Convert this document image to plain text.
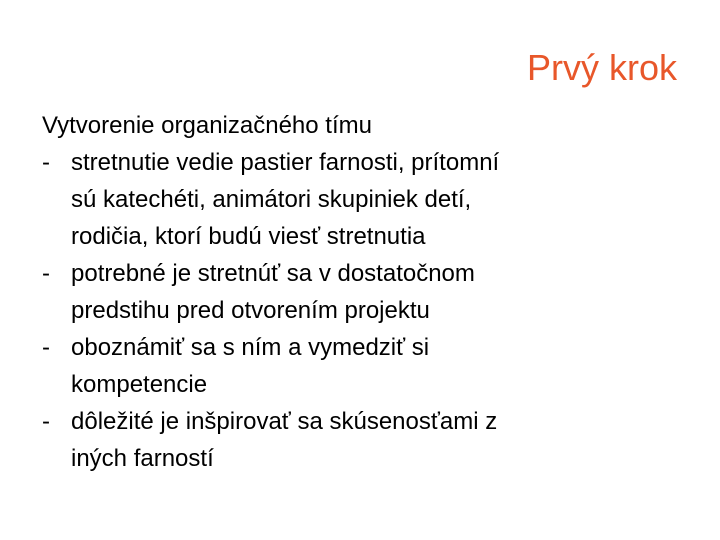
Prvý krok

Vytvorenie organizačného tímu

- stretnutie vedie pastier farnosti, prítomní
sú katechéti, animátori skupiniek detí,
rodičia, ktorí budú viesť stretnutia
- potrebné je stretnúť sa v dostatočnom
predstihu pred otvorením projektu
- oboznámiť sa s ním a vymedziť si
kompetencie
- dôležité je inšpirovať sa skúsenosťami z
iných farností
